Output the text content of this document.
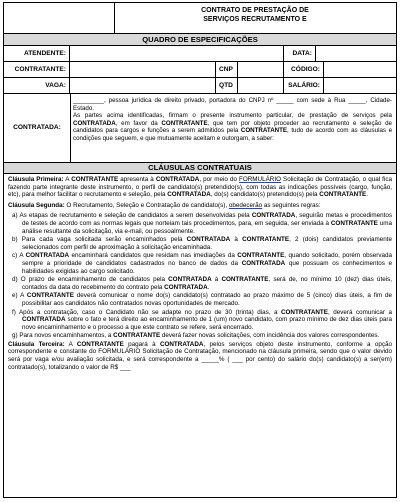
CONTRATO DE PRESTAÇÃO DE
SERVIÇOS RECRUTAMENTO E
QUADRO DE ESPECIFICAÇÕES
ATENDENTE:	DATA:
CONTRATANTE:	CNP	CÓDIGO:
VAGA:	QTD	SALÁRIO:
CONTRATADA:
_________, pessoa jurídica de direito privado, portadora do CNPJ nº _____ com sede à Rua _____, Cidade-Estado.
As partes acima identificadas, firmam o presente instrumento particular, de prestação de serviços pela CONTRATADA, em favor da CONTRATANTE, que tem por objeto proceder ao recrutamento e seleção de candidatos para cargos e funções a serem admitidos pela CONTRATANTE, tudo de acordo com as cláusulas e condições que seguem, e que mutuamente aceitam e outorgam, a saber:
CLÁUSULAS CONTRATUAIS

Cláusula Primeira: A CONTRATANTE apresenta à CONTRATADA, por meio do FORMULÁRIO Solicitação de Contratação, o qual fica fazendo parte integrante deste instrumento, o perfil de candidato(s) pretendido(s), com todas as indicações possíveis (cargo, função, etc), para melhor facilitar o recrutamento e seleção, pela CONTRATADA, do(s) candidato(s) pretendido(s) pela CONTRATANTE.

Cláusula Segunda: O Recrutamento, Seleção e Contratação de candidato(s), obedecerão as seguintes regras:

a) As etapas de recrutamento e seleção de candidatos a serem desenvolvidas pela CONTRATADA, seguirão metas e procedimentos de testes de acordo com as normas legais que norteiam tais procedimentos, para, em seguida, ser enviada à CONTRATANTE uma análise resultante da solicitação, via e-mail, ou pessoalmente.

b) Para cada vaga solicitada serão encaminhados pela CONTRATADA à CONTRATANTE, 2 (dois) candidatos previamente selecionados com perfil de aproximação à solicitação encaminhada.

c) A CONTRATADA encaminhará candidatos que residam nas imediações da CONTRATANTE, quando solicitado, porém observada sempre a prioridade de candidatos cadastrados no banco de dados da CONTRATADA que possuam os conhecimentos e habilidades exigidas ao cargo solicitado.

d) O prazo de encaminhamento de candidatos pela CONTRATADA à CONTRATANTE, será de, no mínimo 10 (dez) dias úteis, contados da data do recebimento do contrato pela CONTRATADA.

e) A CONTRATANTE deverá comunicar o nome do(s) candidato(s) contratado ao prazo máximo de 5 (cinco) dias úteis, a fim de possibilitar aos candidatos não contratados novas oportunidades de mercado.

f) Após a contratação, caso o Candidato não se adapte no prazo de 30 (trinta) dias, a CONTRATANTE, deverá comunicar a CONTRATADA sobre o fato e terá direito ao encaminhamento de 1 (um) novo candidato, com prazo mínimo de dez dias úteis para novo encaminhamento e o processo a que este contrato se refere, será encerrado.

g) Para novos encaminhamentos, a CONTRATANTE deverá fazer novas solicitações, com incidência dos valores correspondentes.

Cláusula Terceira: A CONTRATANTE pagará à CONTRATADA, pelos serviços objeto deste instrumento, conforme a opção correspondente e constante do FORMULÁRIO Solicitação de Contratação, mencionado na cláusula primeira, sendo que o valor devido será por vaga e/ou avaliação solicitada, e será correspondente a _____% ( ___ por cento) do salário do(s) candidato(s) a ser(em) contratado(s), totalizando o valor de R$ ___
